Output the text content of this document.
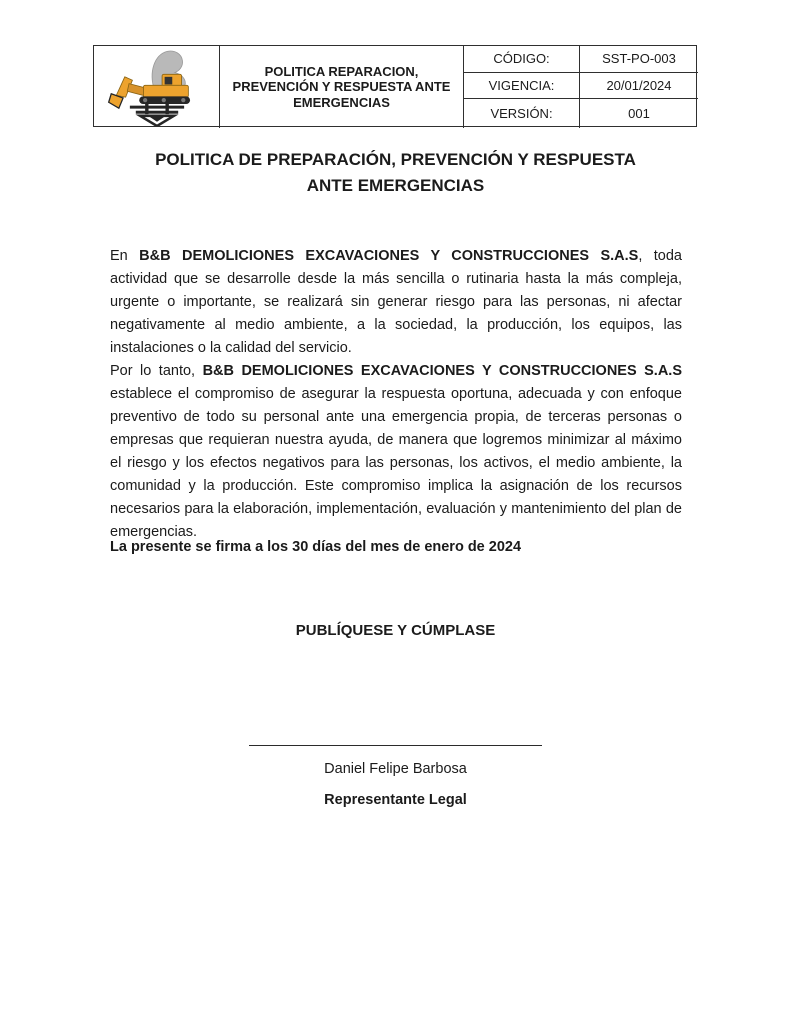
POLITICA REPARACION, PREVENCIÓN Y RESPUESTA ANTE EMERGENCIAS
CÓDIGO:	SST-PO-003
VIGENCIA:	20/01/2024
VERSIÓN:	001
POLITICA DE PREPARACIÓN, PREVENCIÓN Y RESPUESTA
ANTE EMERGENCIAS

En B&B DEMOLICIONES EXCAVACIONES Y CONSTRUCCIONES S.A.S, toda actividad que se desarrolle desde la más sencilla o rutinaria hasta la más compleja, urgente o importante, se realizará sin generar riesgo para las personas, ni afectar negativamente al medio ambiente, a la sociedad, la producción, los equipos, las instalaciones o la calidad del servicio.

Por lo tanto, B&B DEMOLICIONES EXCAVACIONES Y CONSTRUCCIONES S.A.S establece el compromiso de asegurar la respuesta oportuna, adecuada y con enfoque preventivo de todo su personal ante una emergencia propia, de terceras personas o empresas que requieran nuestra ayuda, de manera que logremos minimizar al máximo el riesgo y los efectos negativos para las personas, los activos, el medio ambiente, la comunidad y la producción. Este compromiso implica la asignación de los recursos necesarios para la elaboración, implementación, evaluación y mantenimiento del plan de emergencias.

La presente se firma a los 30 días del mes de enero de 2024

PUBLÍQUESE Y CÚMPLASE

Daniel Felipe Barbosa

Representante Legal
